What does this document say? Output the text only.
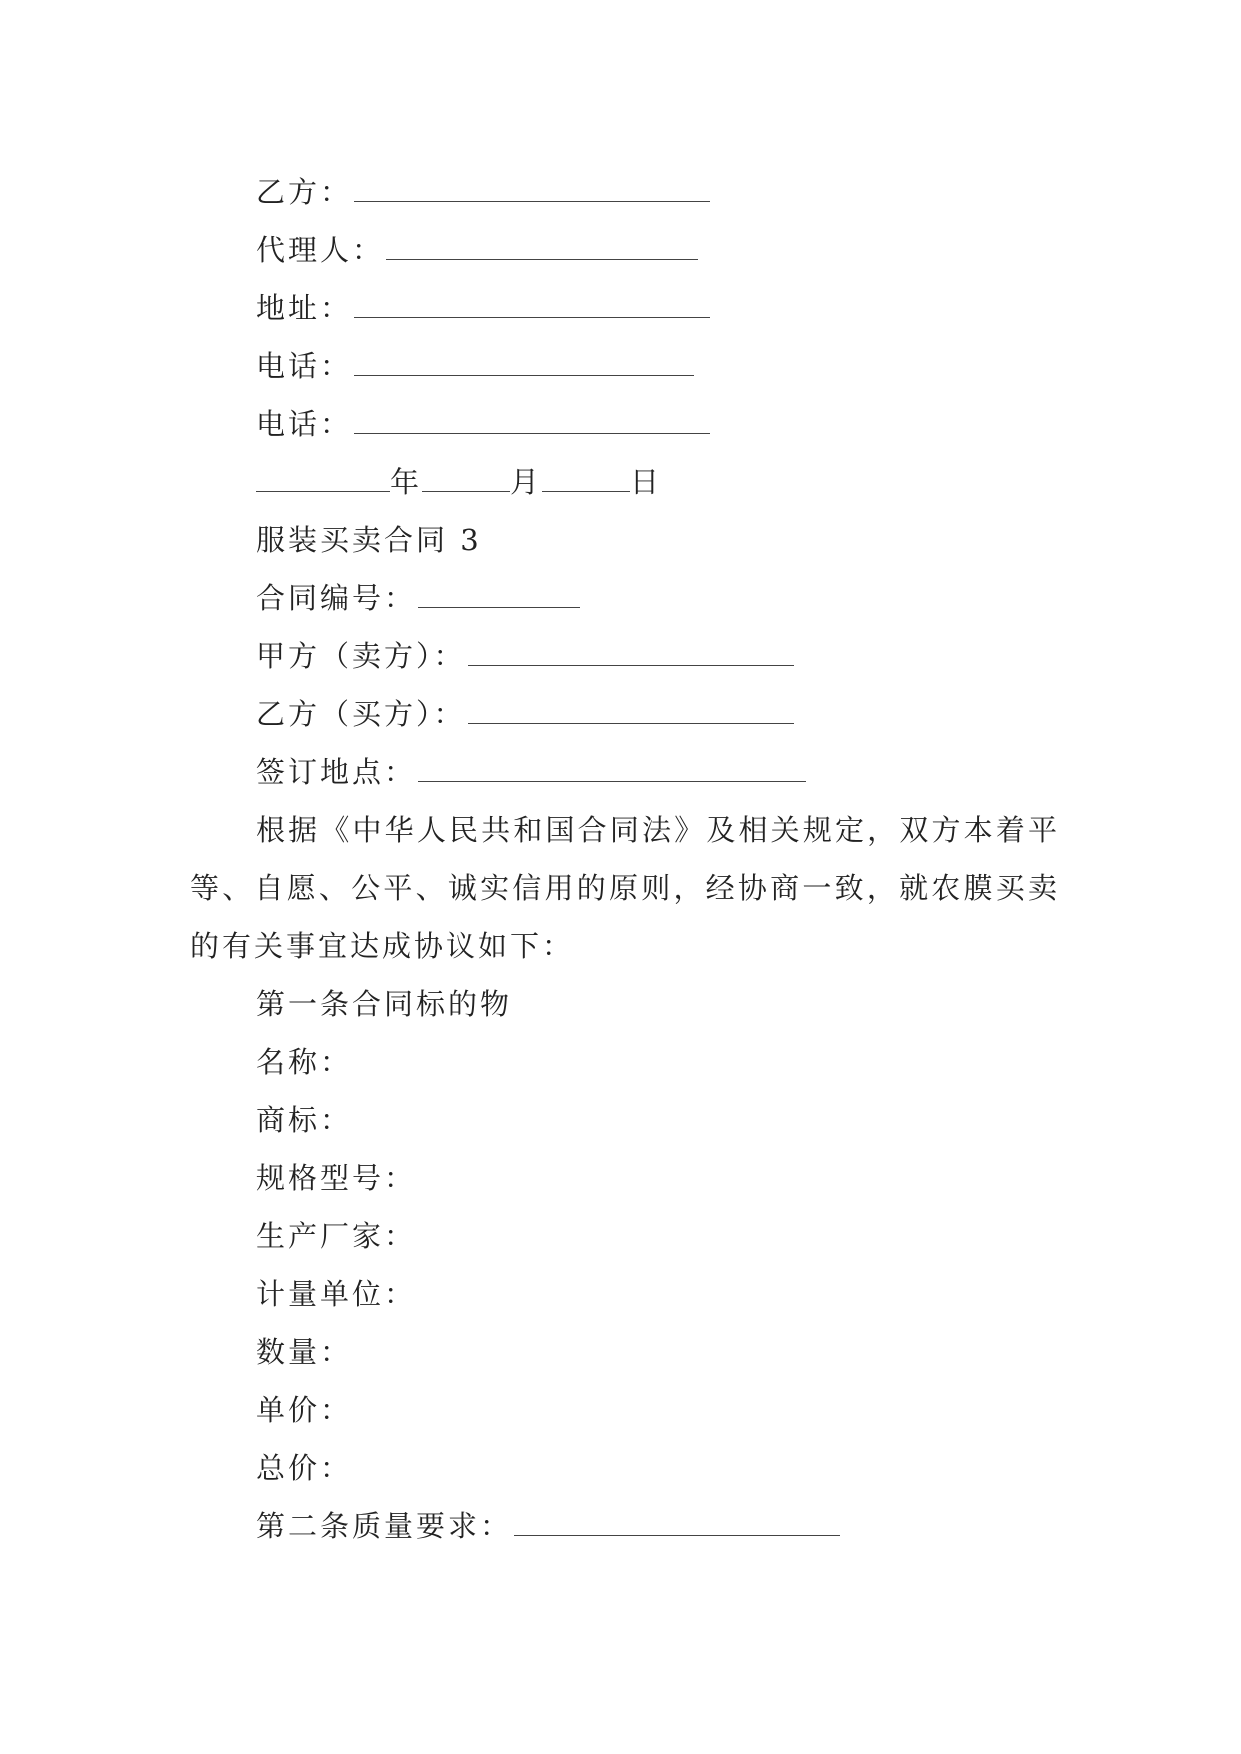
乙方：
代理人：
地址：
电话：
电话：
年	月	日
服装买卖合同 3
合同编号：
甲方（卖方）：
乙方（买方）：
签订地点：
根据《中华人民共和国合同法》及相关规定，双方本着平等、自愿、公平、诚实信用的原则，经协商一致，就农膜买卖的有关事宜达成协议如下：
第一条合同标的物
名称：
商标：
规格型号：
生产厂家：
计量单位：
数量：
单价：
总价：
第二条质量要求：
